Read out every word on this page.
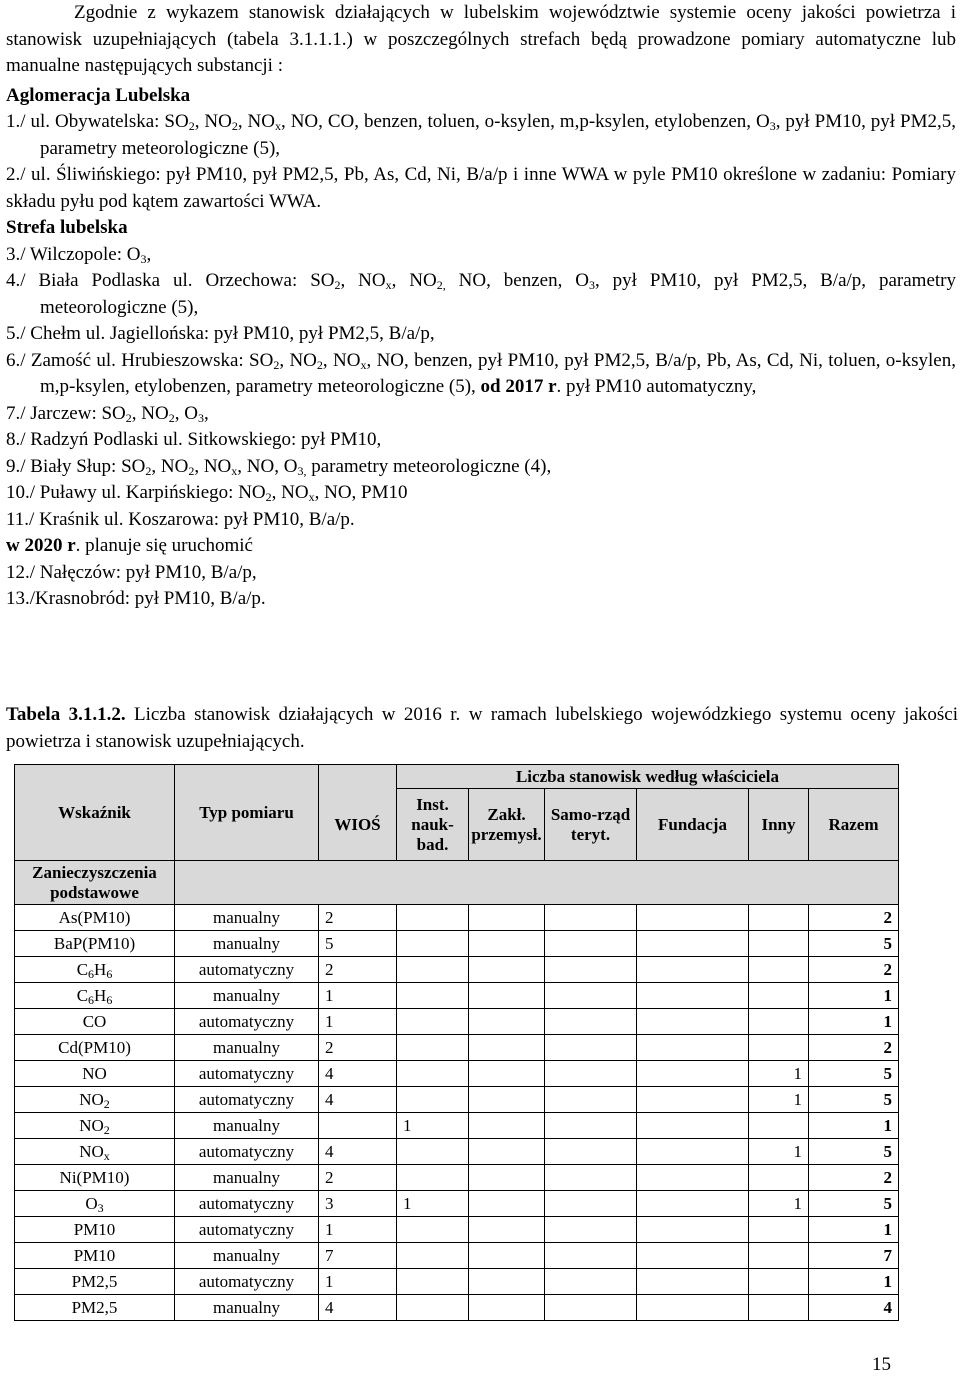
Zgodnie z wykazem stanowisk działających w lubelskim województwie systemie oceny jakości powietrza i stanowisk uzupełniających (tabela 3.1.1.1.) w poszczególnych strefach będą prowadzone pomiary automatyczne lub manualne następujących substancji :

Aglomeracja Lubelska

1./ ul. Obywatelska: $SO_2$, $NO_2$, $NO_x$, NO, CO, benzen, toluen, o-ksylen, m,p-ksylen, etylobenzen, $O_3$, pył PM10, pył PM2,5, parametry meteorologiczne (5),

2./ ul. Śliwińskiego: pył PM10, pył PM2,5, Pb, As, Cd, Ni, B/a/p i inne WWA w pyle PM10 określone w zadaniu: Pomiary składu pyłu pod kątem zawartości WWA.

Strefa lubelska

3./ Wilczopole: $O_3$,

4./ Biała Podlaska ul. Orzechowa: $SO_2$, $NO_x$, $NO_{2,}$ NO, benzen, $O_3$, pył PM10, pył PM2,5, B/a/p, parametry meteorologiczne (5),

5./ Chełm ul. Jagiellońska: pył PM10, pył PM2,5, B/a/p,

6./ Zamość ul. Hrubieszowska: $SO_2$, $NO_2$, $NO_x$, NO, benzen, pył PM10, pył PM2,5, B/a/p, Pb, As, Cd, Ni, toluen, o-ksylen, m,p-ksylen, etylobenzen, parametry meteorologiczne (5), od 2017 r. pył PM10 automatyczny,

7./ Jarczew: $SO_2$, $NO_2$, $O_3$,

8./ Radzyń Podlaski ul. Sitkowskiego: pył PM10,

9./ Biały Słup: $SO_2$, $NO_2$, $NO_x$, NO, $O_{3,}$ parametry meteorologiczne (4),

10./ Puławy ul. Karpińskiego: $NO_2$, $NO_x$, NO, PM10

11./ Kraśnik ul. Koszarowa: pył PM10, B/a/p.

w 2020 r. planuje się uruchomić

12./ Nałęczów: pył PM10, B/a/p,

13./Krasnobród: pył PM10, B/a/p.

Tabela 3.1.1.2. Liczba stanowisk działających w 2016 r. w ramach lubelskiego wojewódzkiego systemu oceny jakości powietrza i stanowisk uzupełniających.
Wskaźnik	Typ pomiaru	WIOŚ	Liczba stanowisk według właściciela					
			Inst. nauk-bad.	Zakł. przemysł.	Samo-rząd teryt.	Fundacja	Inny	Razem
Zanieczyszczenia podstawowe								
As(PM10)	manualny	2						2
BaP(PM10)	manualny	5						5
$C_6H_6$	automatyczny	2						2
$C_6H_6$	manualny	1						1
CO	automatyczny	1						1
Cd(PM10)	manualny	2						2
NO	automatyczny	4					1	5
$NO_2$	automatyczny	4					1	5
$NO_2$	manualny		1					1
$NO_x$	automatyczny	4					1	5
Ni(PM10)	manualny	2						2
$O_3$	automatyczny	3	1				1	5
PM10	automatyczny	1						1
PM10	manualny	7						7
PM2,5	automatyczny	1						1
PM2,5	manualny	4						4
15
